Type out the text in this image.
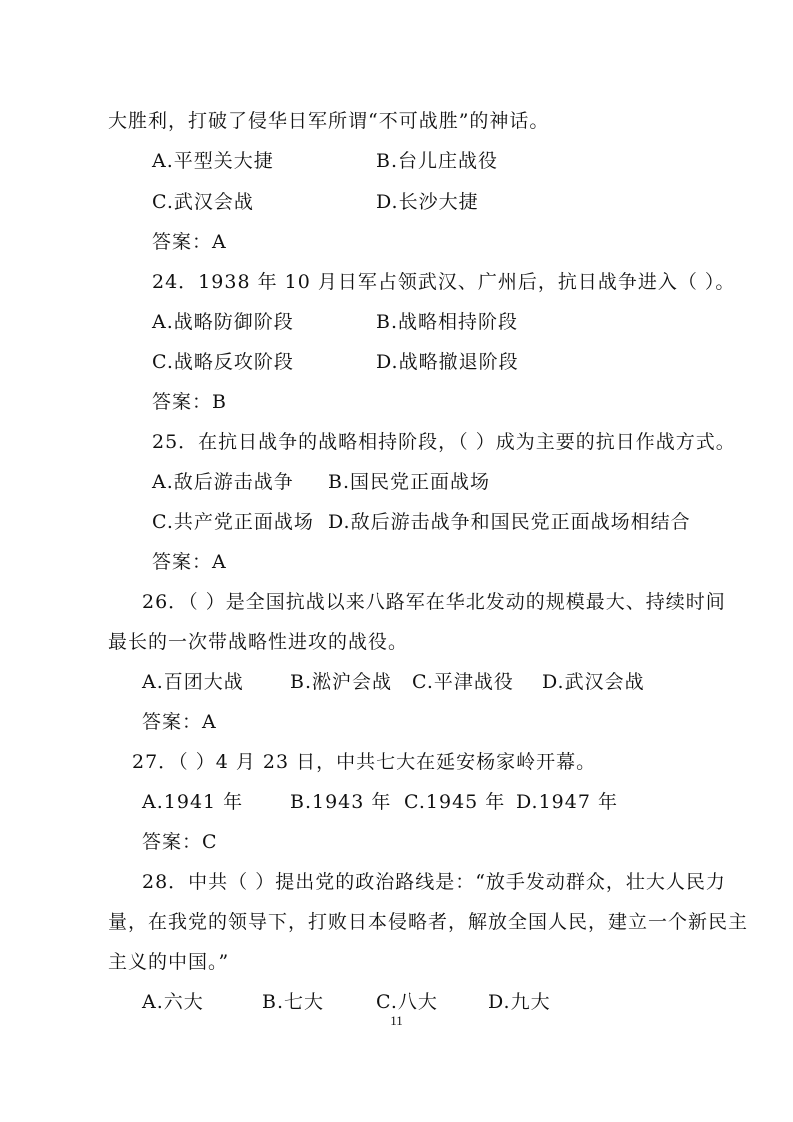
大胜利，打破了侵华日军所谓“不可战胜”的神话。
A.平型关大捷	B.台儿庄战役
C.武汉会战	D.长沙大捷
答案：A
24．1938 年 10 月日军占领武汉、广州后，抗日战争进入（ ）。
A.战略防御阶段	B.战略相持阶段
C.战略反攻阶段	D.战略撤退阶段
答案：B
25．在抗日战争的战略相持阶段，（ ）成为主要的抗日作战方式。
A.敌后游击战争 B.国民党正面战场
C.共产党正面战场 D.敌后游击战争和国民党正面战场相结合
答案：A
26．（ ）是全国抗战以来八路军在华北发动的规模最大、持续时间
最长的一次带战略性进攻的战役。
A.百团大战 B.淞沪会战 C.平津战役 D.武汉会战
答案：A
27．（ ）4 月 23 日，中共七大在延安杨家岭开幕。
A.1941 年 B.1943 年 C.1945 年 D.1947 年
答案：C
28．中共（ ）提出党的政治路线是：“放手发动群众，壮大人民力
量，在我党的领导下，打败日本侵略者，解放全国人民，建立一个新民主
主义的中国。”
A.六大	B.七大	C.八大	D.九大
11
